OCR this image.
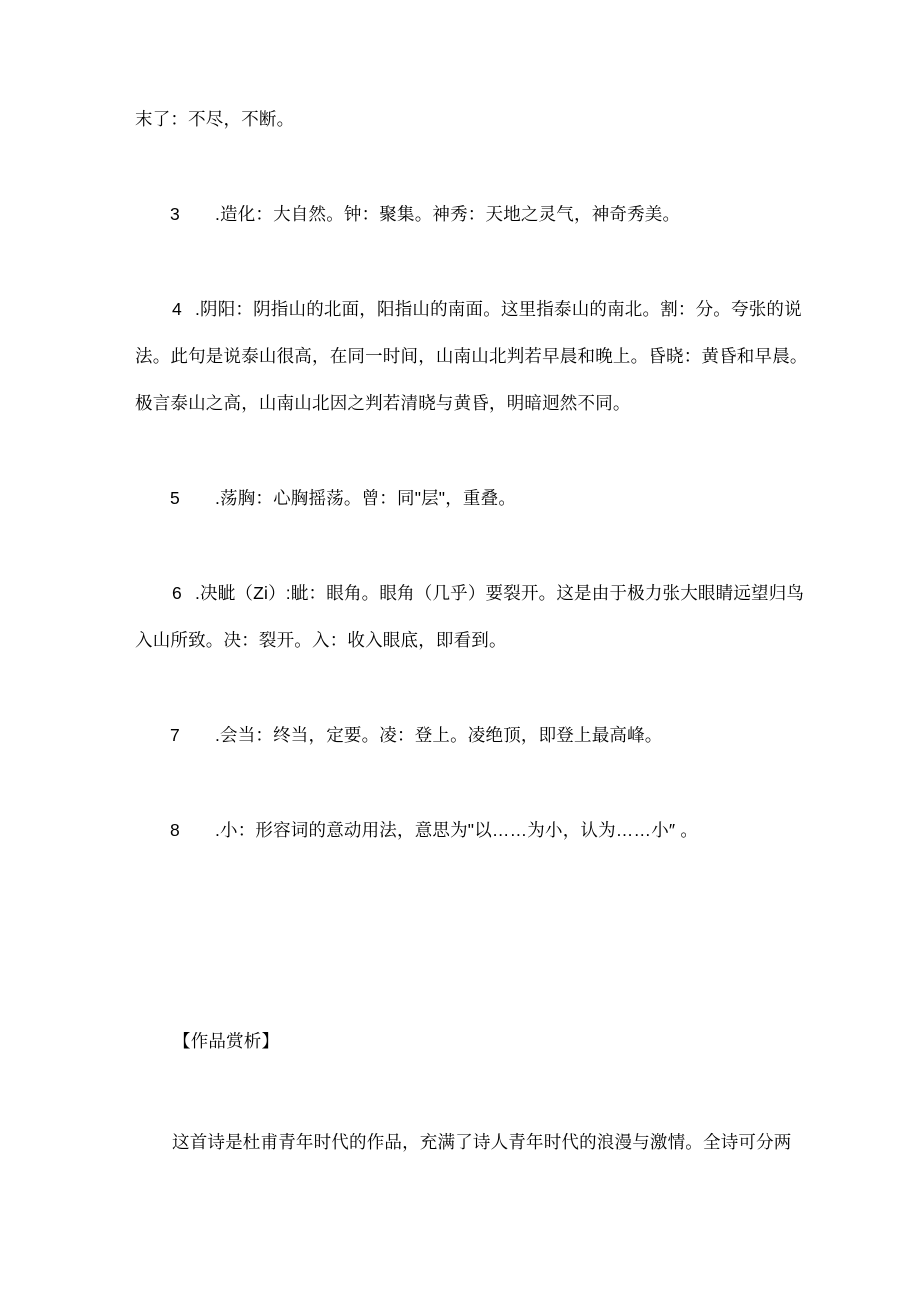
末了：不尽，不断。
3 .造化：大自然。钟：聚集。神秀：天地之灵气，神奇秀美。
4 .阴阳：阴指山的北面，阳指山的南面。这里指泰山的南北。割：分。夸张的说
法。此句是说泰山很高，在同一时间，山南山北判若早晨和晚上。昏晓：黄昏和早晨。
极言泰山之高，山南山北因之判若清晓与黄昏，明暗迥然不同。
5 .荡胸：心胸摇荡。曾：同"层"，重叠。
6 .决眦（Zi）:眦：眼角。眼角（几乎）要裂开。这是由于极力张大眼睛远望归鸟
入山所致。决：裂开。入：收入眼底，即看到。
7 .会当：终当，定要。凌：登上。凌绝顶，即登上最高峰。
8 .小：形容词的意动用法，意思为"以……为小，认为……小″ 。
【作品赏析】

这首诗是杜甫青年时代的作品，充满了诗人青年时代的浪漫与激情。全诗可分两
